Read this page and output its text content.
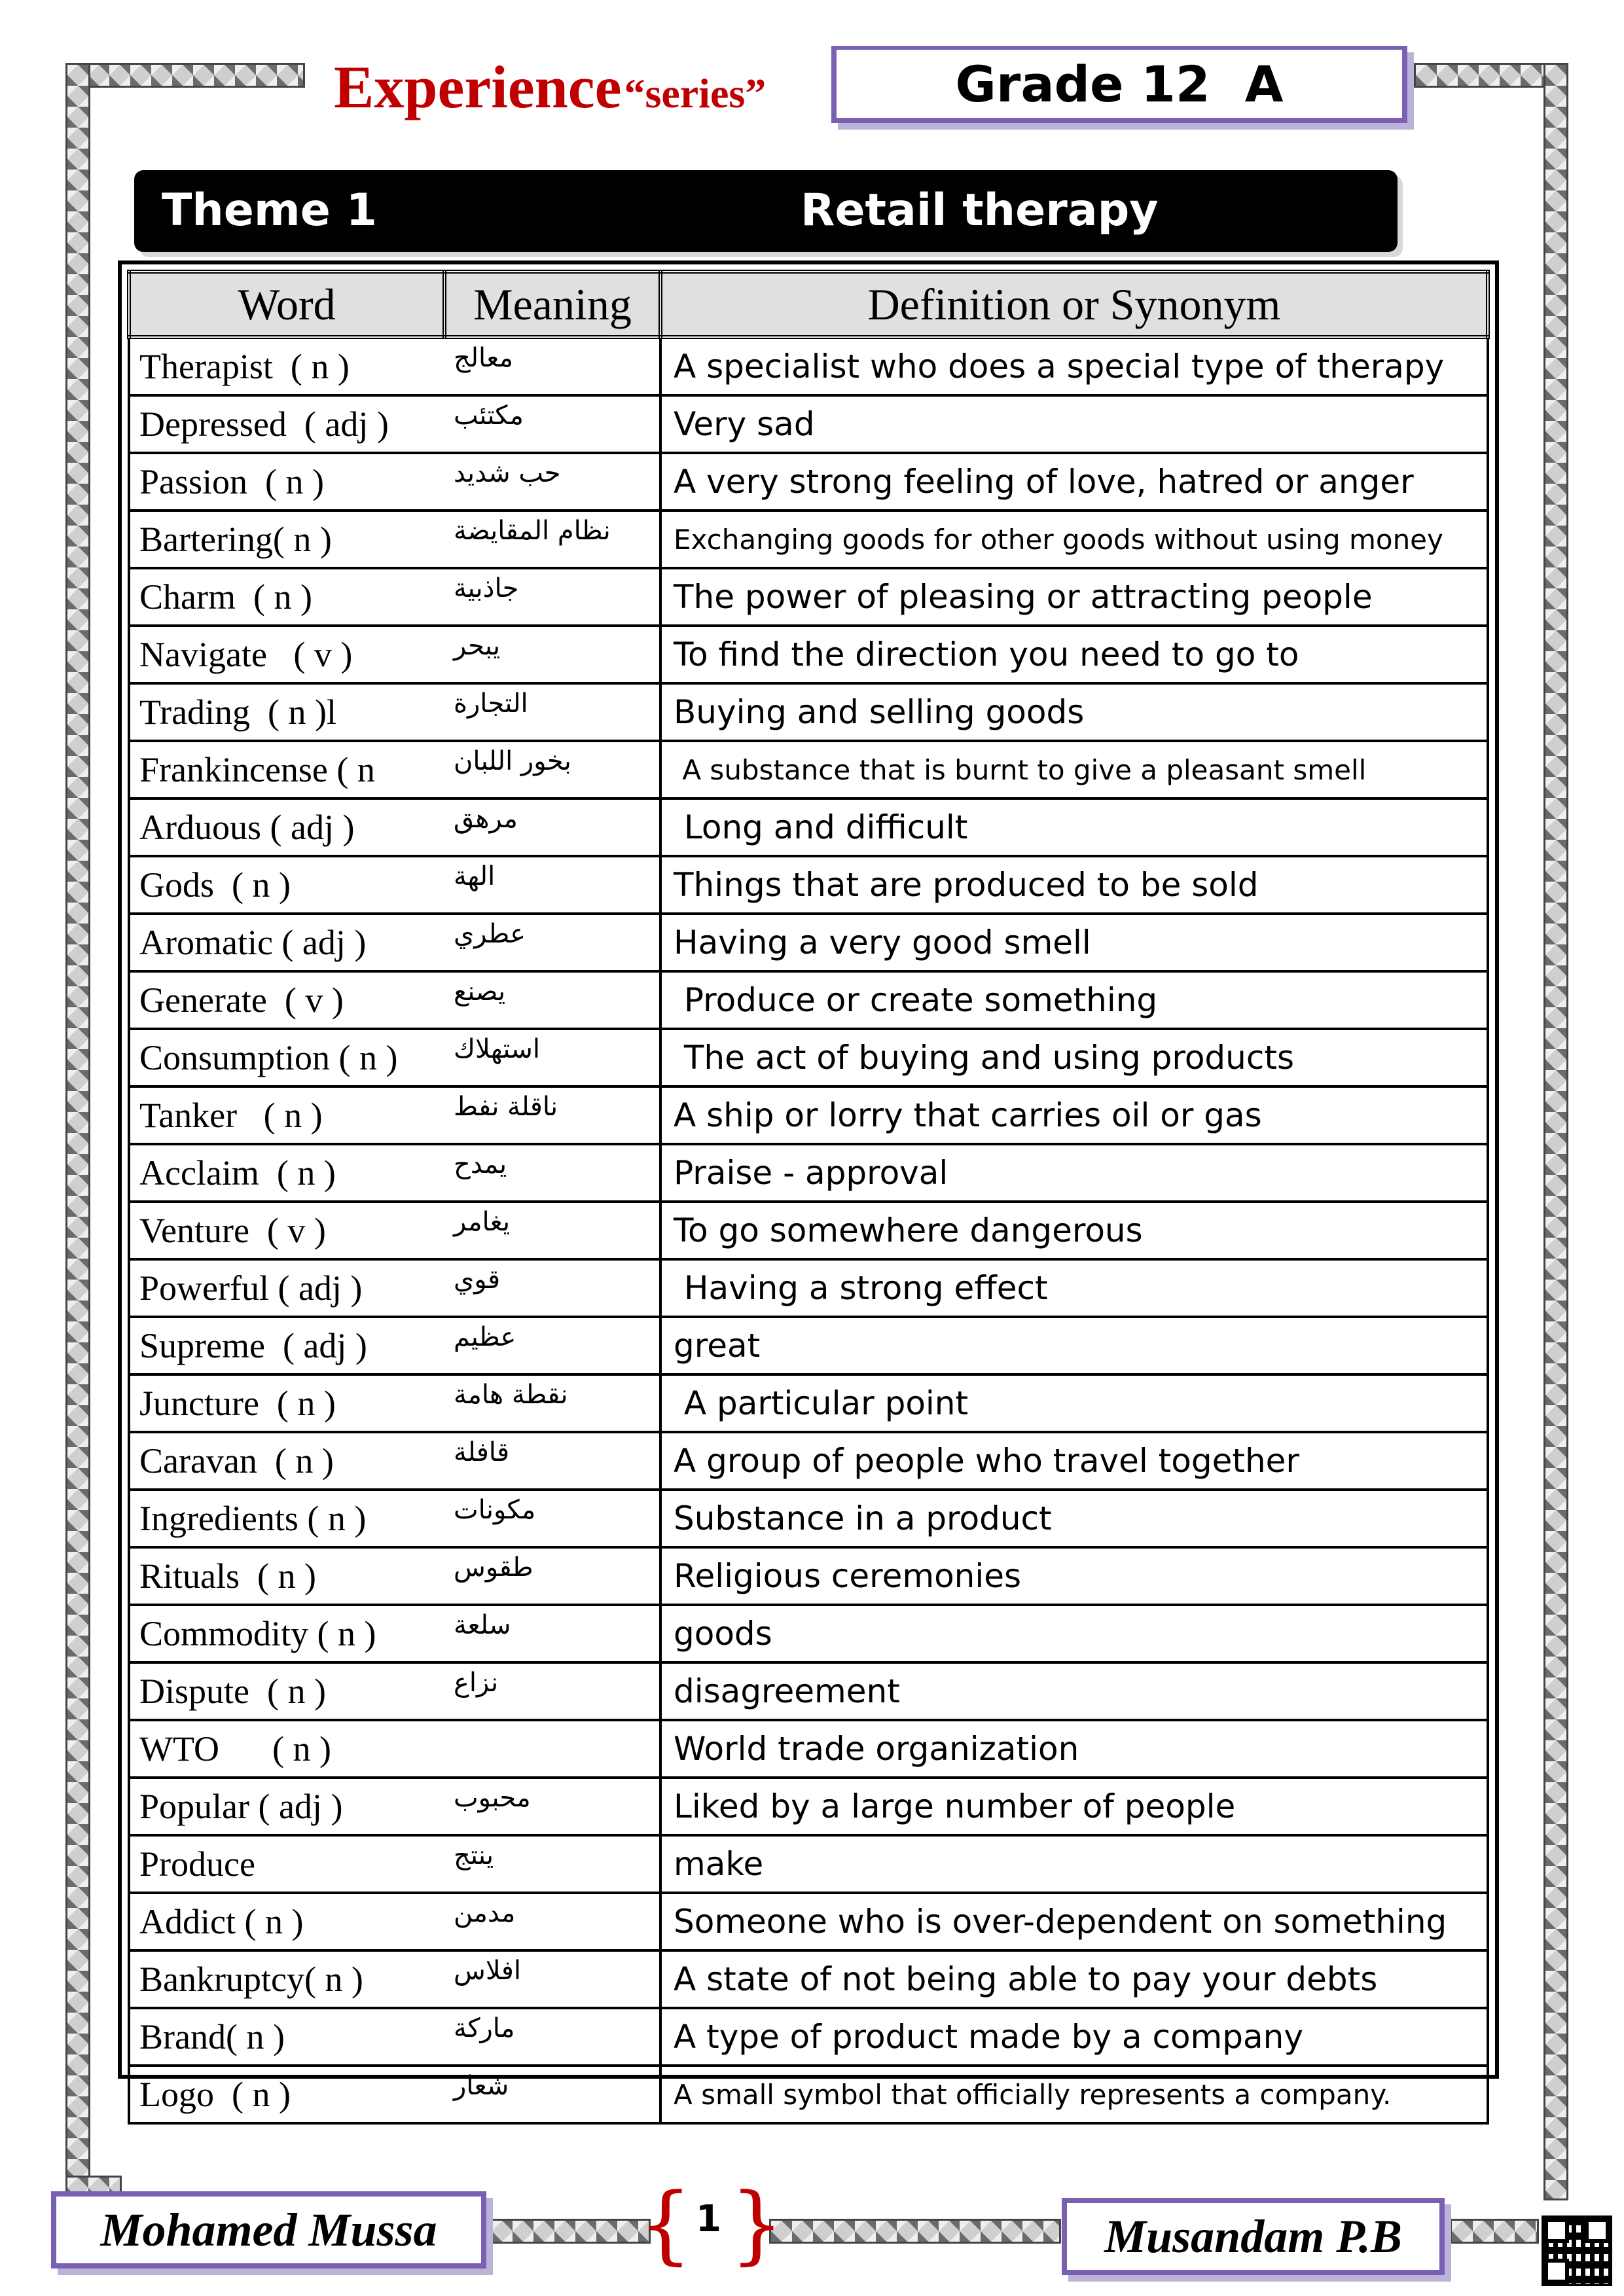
Experience “series”	Grade 12  A
Theme 1	Retail therapy
Word	Meaning	Definition or Synonym
Therapist  ( n )	معالج	A specialist who does a special type of therapy
Depressed  ( adj )	مكتئب	Very sad
Passion  ( n )	حب شديد	A very strong feeling of love, hatred or anger
Bartering( n )	نظام المقايضة	Exchanging goods for other goods without using money
Charm  ( n )	جاذبية	The power of pleasing or attracting people
Navigate   ( v )	يبحر	To find the direction you need to go to
Trading  ( n )l	التجارة	Buying and selling goods
Frankincense ( n	بخور اللبان	A substance that is burnt to give a pleasant smell
Arduous ( adj )	مرهق	Long and difficult
Gods  ( n )	الهة	Things that are produced to be sold
Aromatic ( adj )	عطري	Having a very good smell
Generate  ( v )	يصنع	Produce or create something
Consumption ( n )	استهلاك	The act of buying and using products
Tanker   ( n )	ناقلة نفط	A ship or lorry that carries oil or gas
Acclaim  ( n )	يمدح	Praise - approval
Venture  ( v )	يغامر	To go somewhere dangerous
Powerful ( adj )	قوي	Having a strong effect
Supreme  ( adj )	عظيم	great
Juncture  ( n )	نقطة هامة	A particular point
Caravan  ( n )	قافلة	A group of people who travel together
Ingredients ( n )	مكونات	Substance in a product
Rituals  ( n )	طقوس	Religious ceremonies
Commodity ( n )	سلعة	goods
Dispute  ( n )	نزاع	disagreement
WTO      ( n )		World trade organization
Popular ( adj )	محبوب	Liked by a large number of people
Produce	ينتج	make
Addict ( n )	مدمن	Someone who is over-dependent on something
Bankruptcy( n )	افلاس	A state of not being able to pay your debts
Brand( n )	ماركة	A type of product made by a company
Logo  ( n )	شعار	A small symbol that officially represents a company.
Mohamed Mussa { 1 }	Musandam P.B
